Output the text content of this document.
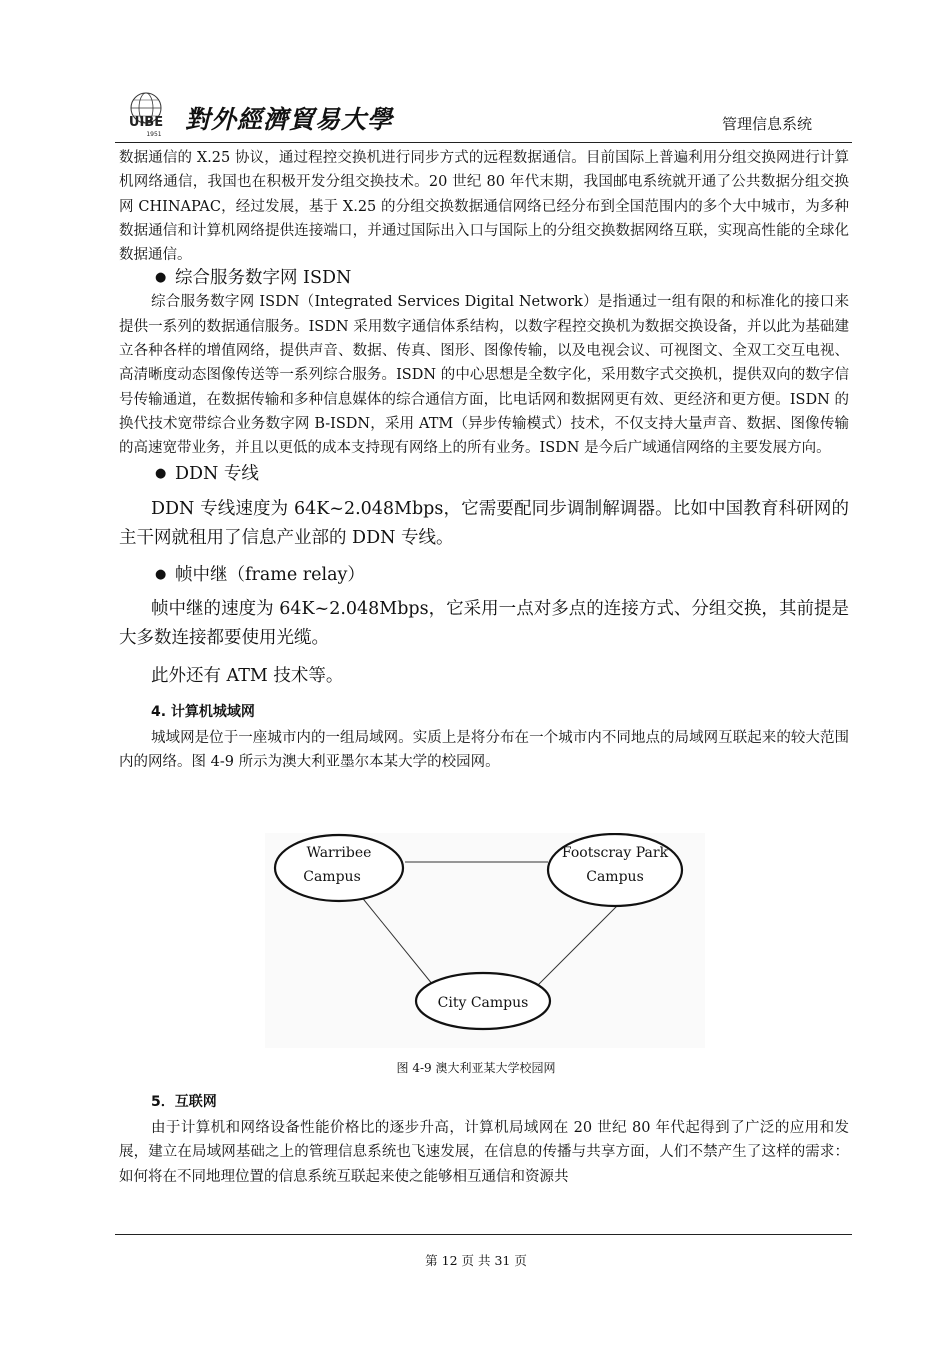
UIBE
1951
對外經濟貿易大學	管理信息系统

数据通信的 X.25 协议，通过程控交换机进行同步方式的远程数据通信。目前国际上普遍利用分组交换网进行计算机网络通信，我国也在积极开发分组交换技术。20 世纪 80 年代末期，我国邮电系统就开通了公共数据分组交换网 CHINAPAC，经过发展，基于 X.25 的分组交换数据通信网络已经分布到全国范围内的多个大中城市，为多种数据通信和计算机网络提供连接端口，并通过国际出入口与国际上的分组交换数据网络互联，实现高性能的全球化数据通信。

● 综合服务数字网 ISDN

综合服务数字网 ISDN（Integrated Services Digital Network）是指通过一组有限的和标准化的接口来提供一系列的数据通信服务。ISDN 采用数字通信体系结构，以数字程控交换机为数据交换设备，并以此为基础建立各种各样的增值网络，提供声音、数据、传真、图形、图像传输，以及电视会议、可视图文、全双工交互电视、高清晰度动态图像传送等一系列综合服务。ISDN 的中心思想是全数字化，采用数字式交换机，提供双向的数字信号传输通道，在数据传输和多种信息媒体的综合通信方面，比电话网和数据网更有效、更经济和更方便。ISDN 的换代技术宽带综合业务数字网 B-ISDN，采用 ATM（异步传输模式）技术，不仅支持大量声音、数据、图像传输的高速宽带业务，并且以更低的成本支持现有网络上的所有业务。ISDN 是今后广域通信网络的主要发展方向。

● DDN 专线

DDN 专线速度为 64K~2.048Mbps，它需要配同步调制解调器。比如中国教育科研网的主干网就租用了信息产业部的 DDN 专线。

● 帧中继（frame relay）

帧中继的速度为 64K~2.048Mbps，它采用一点对多点的连接方式、分组交换，其前提是大多数连接都要使用光缆。

此外还有 ATM 技术等。

4. 计算机城域网

城域网是位于一座城市内的一组局域网。实质上是将分布在一个城市内不同地点的局域网互联起来的较大范围内的网络。图 4-9 所示为澳大利亚墨尔本某大学的校园网。

Warribee
Campus
Footscray Park
Campus
City Campus
图 4-9 澳大利亚某大学校园网

5．互联网

由于计算机和网络设备性能价格比的逐步升高，计算机局域网在 20 世纪 80 年代起得到了广泛的应用和发展，建立在局域网基础之上的管理信息系统也飞速发展，在信息的传播与共享方面，人们不禁产生了这样的需求：如何将在不同地理位置的信息系统互联起来使之能够相互通信和资源共

第 12 页 共 31 页
